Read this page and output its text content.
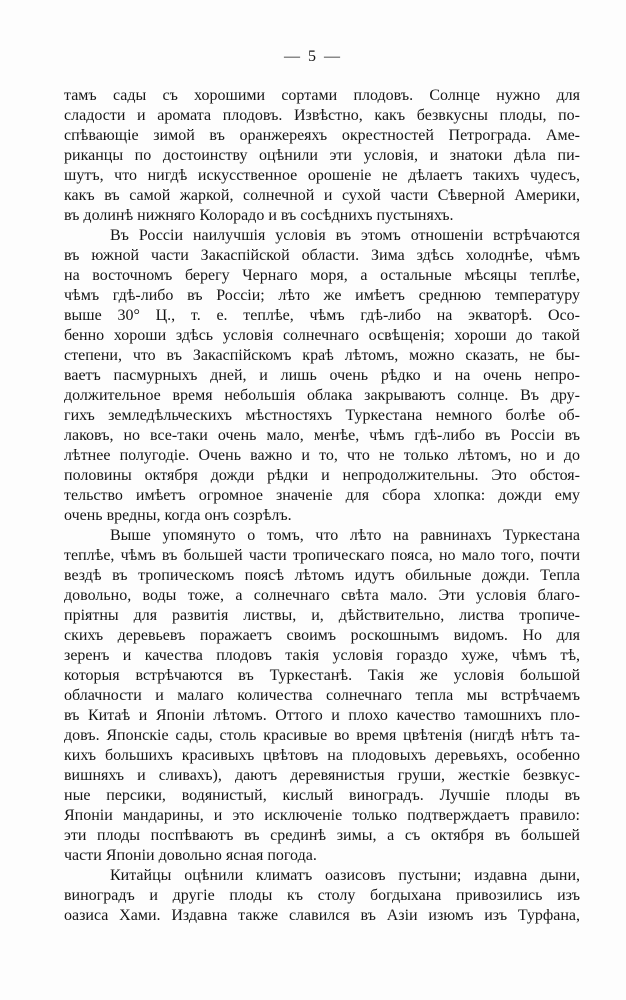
— 5 —
тамъ сады съ хорошими сортами плодовъ. Солнце нужно для
сладости и аромата плодовъ. Извѣстно, какъ безвкусны плоды, по-
спѣвающіе зимой въ оранжереяхъ окрестностей Петрограда. Аме-
риканцы по достоинству оцѣнили эти условія, и знатоки дѣла пи-
шутъ, что нигдѣ искусственное орошеніе не дѣлаетъ такихъ чудесъ,
какъ въ самой жаркой, солнечной и сухой части Сѣверной Америки,
въ долинѣ нижняго Колорадо и въ сосѣднихъ пустыняхъ.
Въ Россіи наилучшія условія въ этомъ отношеніи встрѣчаются
въ южной части Закаспійской области. Зима здѣсь холоднѣе, чѣмъ
на восточномъ берегу Чернаго моря, а остальные мѣсяцы теплѣе,
чѣмъ гдѣ-либо въ Россіи; лѣто же имѣетъ среднюю температуру
выше 30° Ц., т. е. теплѣе, чѣмъ гдѣ-либо на экваторѣ. Осо-
бенно хороши здѣсь условія солнечнаго освѣщенія; хороши до такой
степени, что въ Закаспійскомъ краѣ лѣтомъ, можно сказать, не бы-
ваетъ пасмурныхъ дней, и лишь очень рѣдко и на очень непро-
должительное время небольшія облака закрываютъ солнце. Въ дру-
гихъ земледѣльческихъ мѣстностяхъ Туркестана немного болѣе об-
лаковъ, но все-таки очень мало, менѣе, чѣмъ гдѣ-либо въ Россіи въ
лѣтнее полугодіе. Очень важно и то, что не только лѣтомъ, но и до
половины октября дожди рѣдки и непродолжительны. Это обстоя-
тельство имѣетъ огромное значеніе для сбора хлопка: дожди ему
очень вредны, когда онъ созрѣлъ.
Выше упомянуто о томъ, что лѣто на равнинахъ Туркестана
теплѣе, чѣмъ въ большей части тропическаго пояса, но мало того, почти
вездѣ въ тропическомъ поясѣ лѣтомъ идутъ обильные дожди. Тепла
довольно, воды тоже, а солнечнаго свѣта мало. Эти условія благо-
пріятны для развитія листвы, и, дѣйствительно, листва тропиче-
скихъ деревьевъ поражаетъ своимъ роскошнымъ видомъ. Но для
зеренъ и качества плодовъ такія условія гораздо хуже, чѣмъ тѣ,
которыя встрѣчаются въ Туркестанѣ. Такія же условія большой
облачности и малаго количества солнечнаго тепла мы встрѣчаемъ
въ Китаѣ и Японіи лѣтомъ. Оттого и плохо качество тамошнихъ пло-
довъ. Японскіе сады, столь красивые во время цвѣтенія (нигдѣ нѣтъ та-
кихъ большихъ красивыхъ цвѣтовъ на плодовыхъ деревьяхъ, особенно
вишняхъ и сливахъ), даютъ деревянистыя груши, жесткіе безвкус-
ные персики, водянистый, кислый виноградъ. Лучшіе плоды въ
Японіи мандарины, и это исключеніе только подтверждаетъ правило:
эти плоды поспѣваютъ въ срединѣ зимы, а съ октября въ большей
части Японіи довольно ясная погода.
Китайцы оцѣнили климатъ оазисовъ пустыни; издавна дыни,
виноградъ и другіе плоды къ столу богдыхана привозились изъ
оазиса Хами. Издавна также славился въ Азіи изюмъ изъ Турфана,
